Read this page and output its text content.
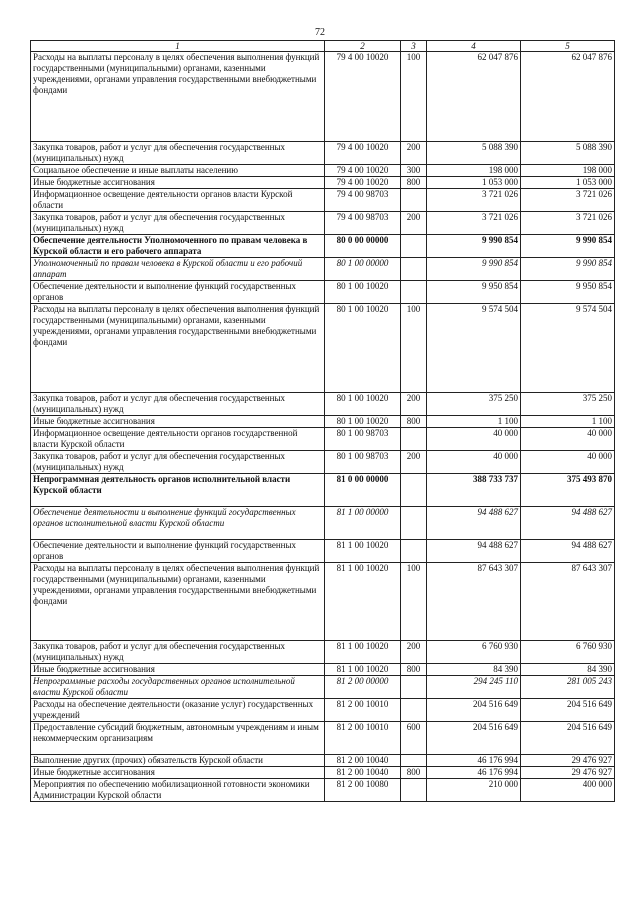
72
1	2	3	4	5
Расходы на выплаты персоналу в целях обеспечения выполнения функций государственными (муниципальными) органами, казенными учреждениями, органами управления государственными внебюджетными фондами	79 4 00 10020	100	62 047 876	62 047 876
Закупка товаров, работ и услуг для обеспечения государственных (муниципальных) нужд	79 4 00 10020	200	5 088 390	5 088 390
Социальное обеспечение и иные выплаты населению	79 4 00 10020	300	198 000	198 000
Иные бюджетные ассигнования	79 4 00 10020	800	1 053 000	1 053 000
Информационное освещение деятельности органов власти Курской области	79 4 00 98703		3 721 026	3 721 026
Закупка товаров, работ и услуг для обеспечения государственных (муниципальных) нужд	79 4 00 98703	200	3 721 026	3 721 026
Обеспечение деятельности Уполномоченного по правам человека в Курской области и его рабочего аппарата	80 0 00 00000		9 990 854	9 990 854
Уполномоченный по правам человека в Курской области и его рабочий аппарат	80 1 00 00000		9 990 854	9 990 854
Обеспечение деятельности и выполнение функций государственных органов	80 1 00 10020		9 950 854	9 950 854
Расходы на выплаты персоналу в целях обеспечения выполнения функций государственными (муниципальными) органами, казенными учреждениями, органами управления государственными внебюджетными фондами	80 1 00 10020	100	9 574 504	9 574 504
Закупка товаров, работ и услуг для обеспечения государственных (муниципальных) нужд	80 1 00 10020	200	375 250	375 250
Иные бюджетные ассигнования	80 1 00 10020	800	1 100	1 100
Информационное освещение деятельности органов государственной власти Курской области	80 1 00 98703		40 000	40 000
Закупка товаров, работ и услуг для обеспечения государственных (муниципальных) нужд	80 1 00 98703	200	40 000	40 000
Непрограммная деятельность органов исполнительной власти Курской области	81 0 00 00000		388 733 737	375 493 870
Обеспечение деятельности и выполнение функций государственных органов исполнительной власти Курской области	81 1 00 00000		94 488 627	94 488 627
Обеспечение деятельности и выполнение функций государственных органов	81 1 00 10020		94 488 627	94 488 627
Расходы на выплаты персоналу в целях обеспечения выполнения функций государственными (муниципальными) органами, казенными учреждениями, органами управления государственными внебюджетными фондами	81 1 00 10020	100	87 643 307	87 643 307
Закупка товаров, работ и услуг для обеспечения государственных (муниципальных) нужд	81 1 00 10020	200	6 760 930	6 760 930
Иные бюджетные ассигнования	81 1 00 10020	800	84 390	84 390
Непрограммные расходы государственных органов исполнительной власти Курской области	81 2 00 00000		294 245 110	281 005 243
Расходы на обеспечение деятельности (оказание услуг) государственных учреждений	81 2 00 10010		204 516 649	204 516 649
Предоставление субсидий бюджетным, автономным учреждениям и иным некоммерческим организациям	81 2 00 10010	600	204 516 649	204 516 649
Выполнение других (прочих) обязательств Курской области	81 2 00 10040		46 176 994	29 476 927
Иные бюджетные ассигнования	81 2 00 10040	800	46 176 994	29 476 927
Мероприятия по обеспечению мобилизационной готовности экономики Администрации Курской области	81 2 00 10080		210 000	400 000
